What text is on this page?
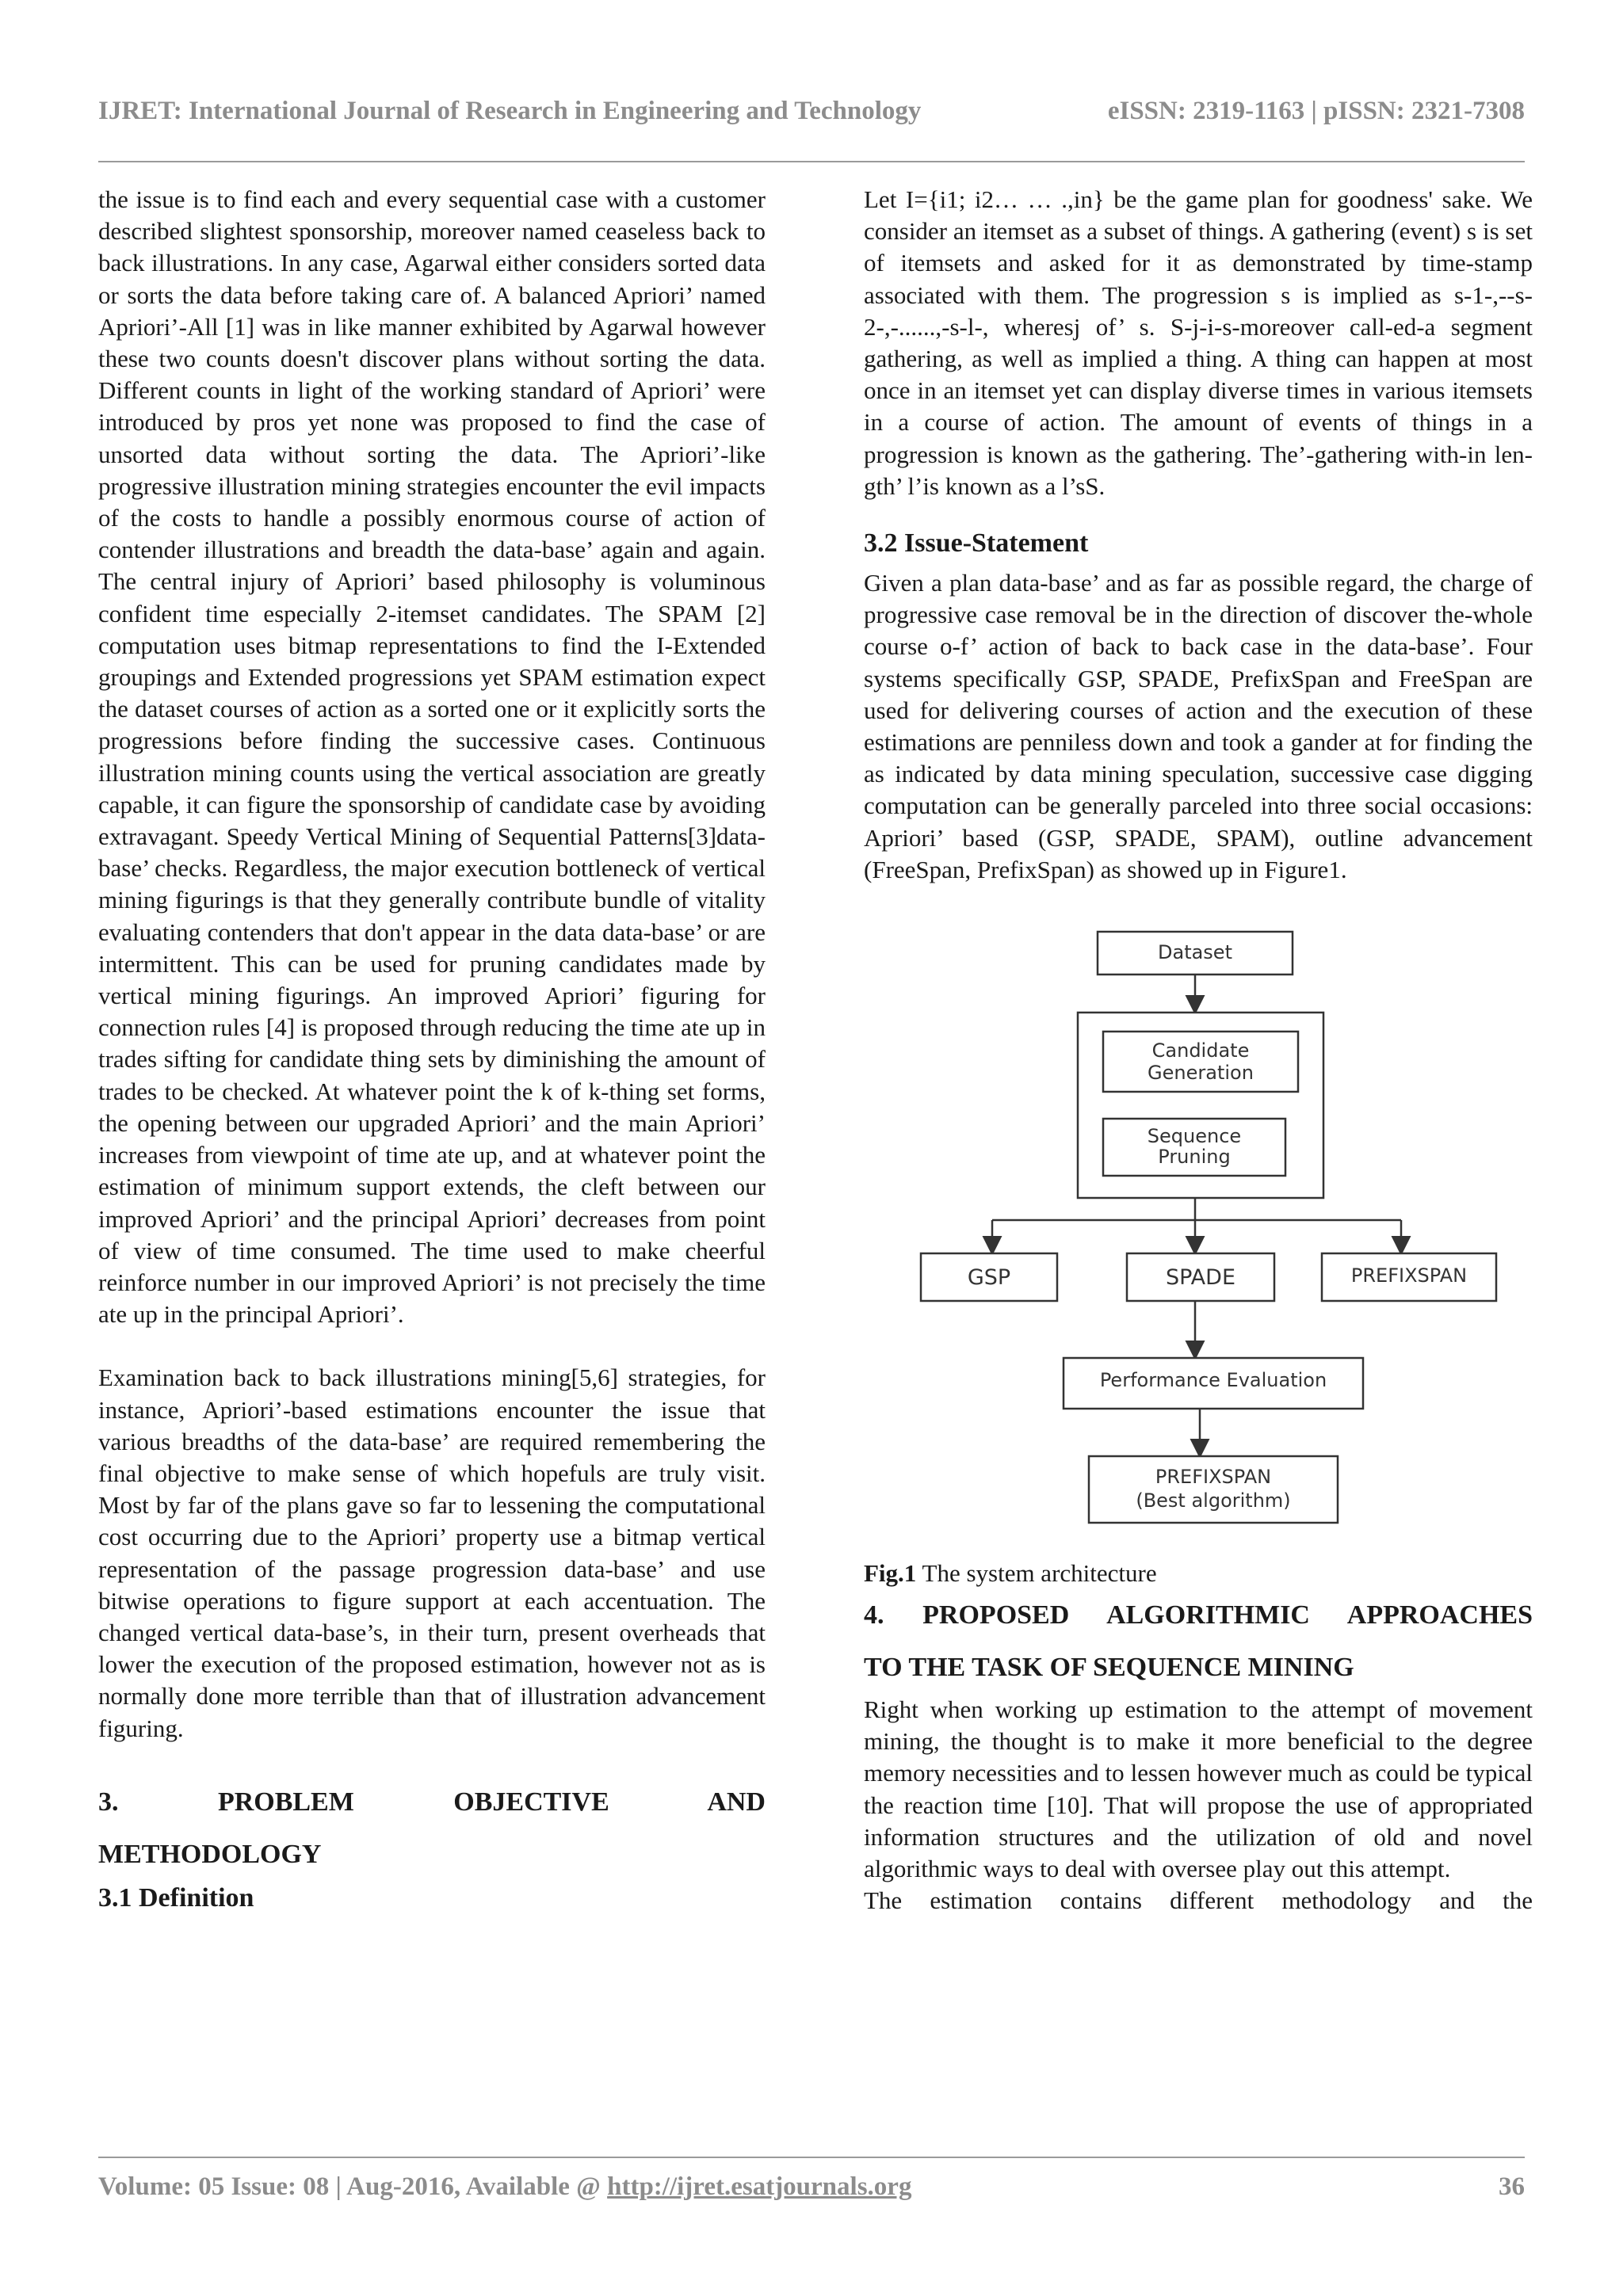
IJRET: International Journal of Research in Engineering and Technology	eISSN: 2319-1163 | pISSN: 2321-7308

the issue is to find each and every sequential case with a customer described slightest sponsorship, moreover named ceaseless back to back illustrations. In any case, Agarwal either considers sorted data or sorts the data before taking care of. A balanced Apriori’ named Apriori’-All [1] was in like manner exhibited by Agarwal however these two counts doesn't discover plans without sorting the data. Different counts in light of the working standard of Apriori’ were introduced by pros yet none was proposed to find the case of unsorted data without sorting the data. The Apriori’-like progressive illustration mining strategies encounter the evil impacts of the costs to handle a possibly enormous course of action of contender illustrations and breadth the data-base’ again and again. The central injury of Apriori’ based philosophy is voluminous confident time especially 2-itemset candidates. The SPAM [2] computation uses bitmap representations to find the I-Extended groupings and Extended progressions yet SPAM estimation expect the dataset courses of action as a sorted one or it explicitly sorts the progressions before finding the successive cases. Continuous illustration mining counts using the vertical association are greatly capable, it can figure the sponsorship of candidate case by avoiding extravagant. Speedy Vertical Mining of Sequential Patterns[3]data-base’ checks. Regardless, the major execution bottleneck of vertical mining figurings is that they generally contribute bundle of vitality evaluating contenders that don't appear in the data data-base’ or are intermittent. This can be used for pruning candidates made by vertical mining figurings. An improved Apriori’ figuring for connection rules [4] is proposed through reducing the time ate up in trades sifting for candidate thing sets by diminishing the amount of trades to be checked. At whatever point the k of k-thing set forms, the opening between our upgraded Apriori’ and the main Apriori’ increases from viewpoint of time ate up, and at whatever point the estimation of minimum support extends, the cleft between our improved Apriori’ and the principal Apriori’ decreases from point of view of time consumed. The time used to make cheerful reinforce number in our improved Apriori’ is not precisely the time ate up in the principal Apriori’.

Examination back to back illustrations mining[5,6] strategies, for instance, Apriori’-based estimations encounter the issue that various breadths of the data-base’ are required remembering the final objective to make sense of which hopefuls are truly visit. Most by far of the plans gave so far to lessening the computational cost occurring due to the Apriori’ property use a bitmap vertical representation of the passage progression data-base’ and use bitwise operations to figure support at each accentuation. The changed vertical data-base’s, in their turn, present overheads that lower the execution of the proposed estimation, however not as is normally done more terrible than that of illustration advancement figuring.

3. PROBLEM OBJECTIVE AND

METHODOLOGY

3.1 Definition

Let I={i1; i2… … .,in} be the game plan for goodness' sake. We consider an itemset as a subset of things. A gathering (event) s is set of itemsets and asked for it as demonstrated by time-stamp associated with them. The progression s is implied as s-1-,--s-2-,-......,-s-l-, wheresj of’ s. S-j-i-s-moreover call-ed-a segment gathering, as well as implied a thing. A thing can happen at most once in an itemset yet can display diverse times in various itemsets in a course of action. The amount of events of things in a progression is known as the gathering. The’-gathering with-in len-gth’ l’is known as a l’sS.

3.2 Issue-Statement

Given a plan data-base’ and as far as possible regard, the charge of progressive case removal be in the direction of discover the-whole course o-f’ action of back to back case in the data-base’. Four systems specifically GSP, SPADE, PrefixSpan and FreeSpan are used for delivering courses of action and the execution of these estimations are penniless down and took a gander at for finding the as indicated by data mining speculation, successive case digging computation can be generally parceled into three social occasions: Apriori’ based (GSP, SPADE, SPAM), outline advancement (FreeSpan, PrefixSpan) as showed up in Figure1.

Dataset
Candidate
Generation
Sequence
Pruning
GSP	SPADE	PREFIXSPAN
Performance Evaluation
PREFIXSPAN
(Best algorithm)

Fig.1 The system architecture

4. PROPOSED ALGORITHMIC APPROACHES

TO THE TASK OF SEQUENCE MINING

Right when working up estimation to the attempt of movement mining, the thought is to make it more beneficial to the degree memory necessities and to lessen however much as could be typical the reaction time [10]. That will propose the use of appropriated information structures and the utilization of old and novel algorithmic ways to deal with oversee play out this attempt.

The estimation contains different methodology and the

Volume: 05 Issue: 08 | Aug-2016, Available @ http://ijret.esatjournals.org	36
